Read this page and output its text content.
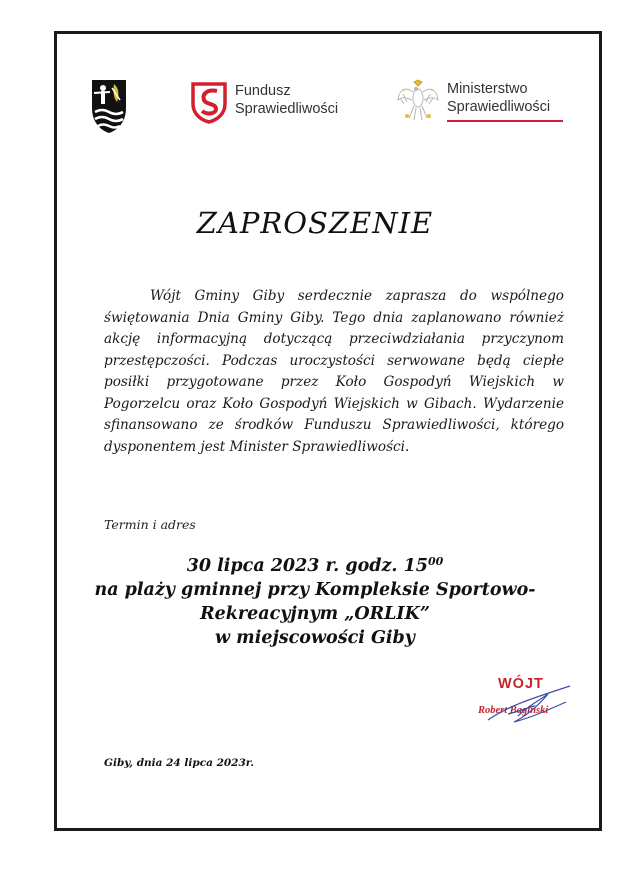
Fundusz
Sprawiedliwości
Ministerstwo
Sprawiedliwości
ZAPROSZENIE
Wójt Gminy Giby serdecznie zaprasza do wspólnego świętowania Dnia Gminy Giby. Tego dnia zaplanowano również akcję informacyjną dotyczącą przeciwdziałania przyczynom przestępczości. Podczas uroczystości serwowane będą ciepłe posiłki przygotowane przez Koło Gospodyń Wiejskich w Pogorzelcu oraz Koło Gospodyń Wiejskich w Gibach. Wydarzenie sfinansowano ze środków Funduszu Sprawiedliwości, którego dysponentem jest Minister Sprawiedliwości.
Termin i adres
30 lipca 2023 r. godz. $15^{00}$
na plaży gminnej przy Kompleksie Sportowo-
Rekreacyjnym „ORLIK”
w miejscowości Giby
WÓJT
Robert Bagiński
Giby, dnia 24 lipca 2023r.
